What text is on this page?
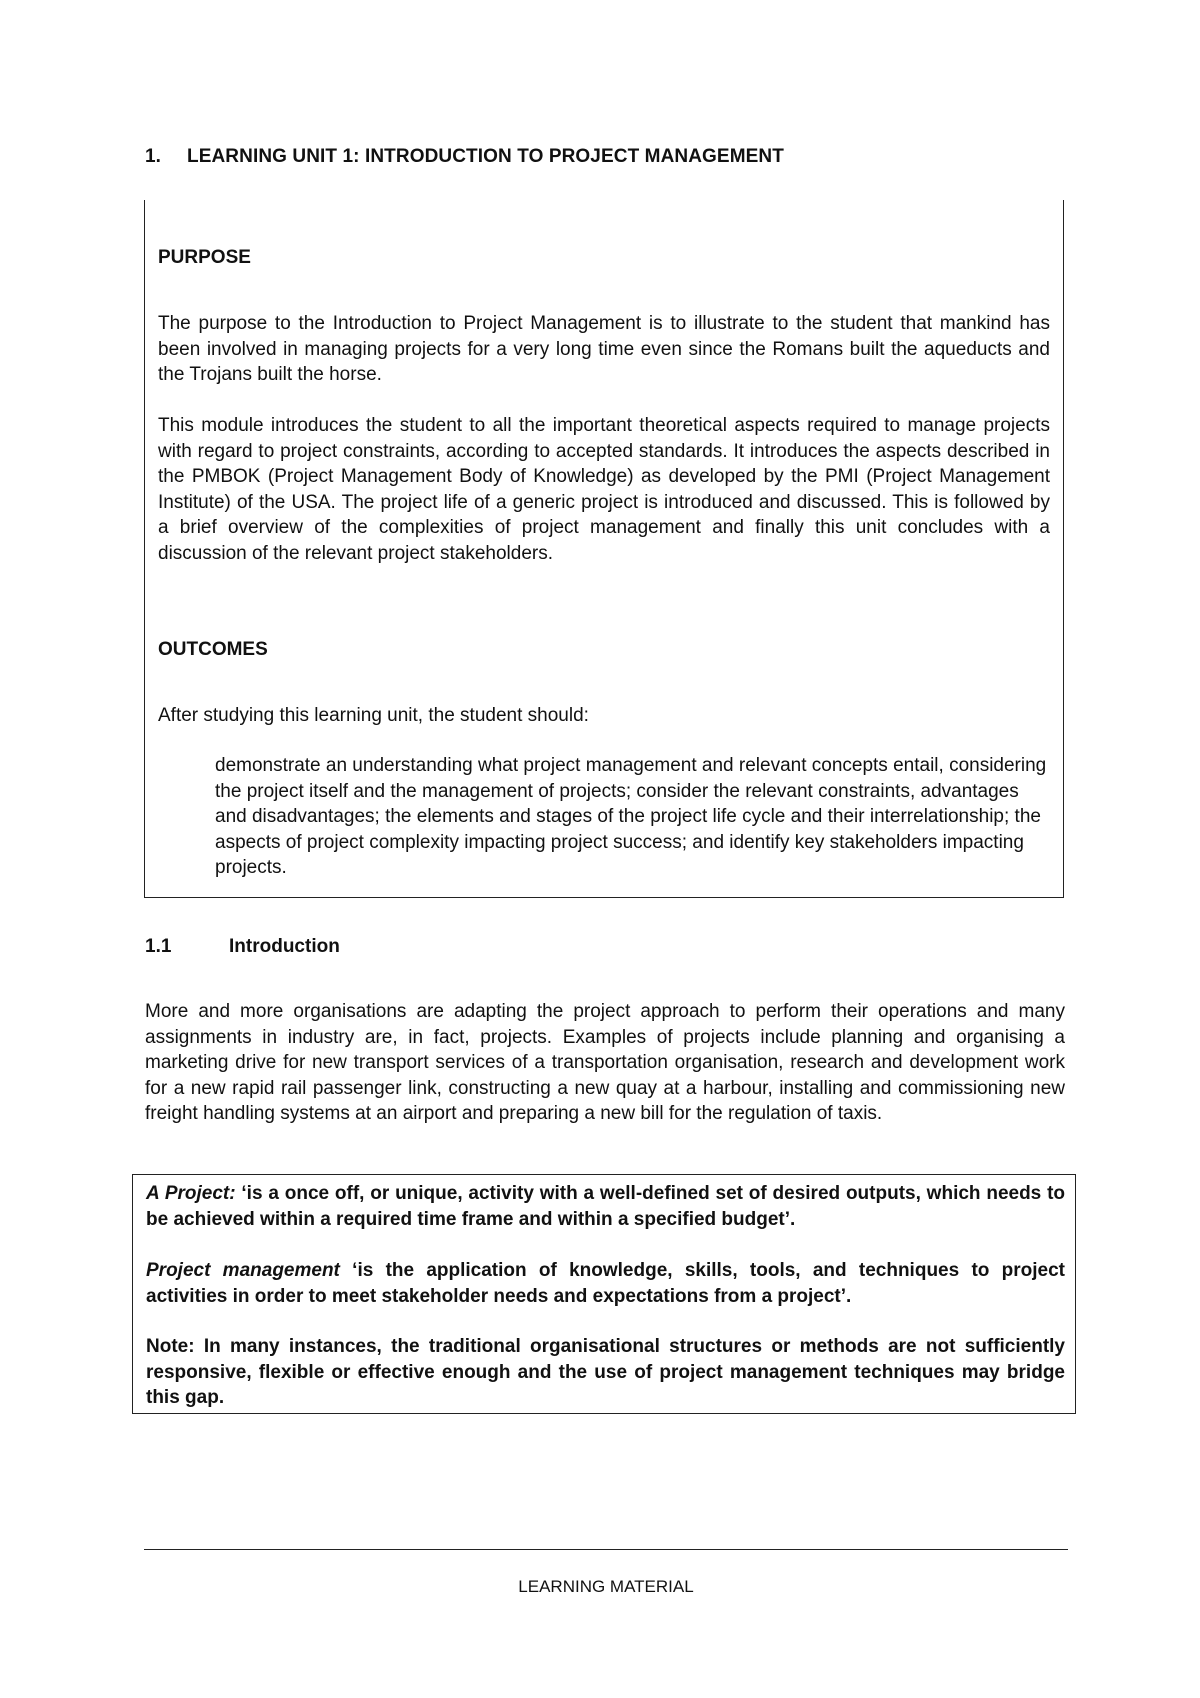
1. LEARNING UNIT 1: INTRODUCTION TO PROJECT MANAGEMENT
PURPOSE
The purpose to the Introduction to Project Management is to illustrate to the student that mankind has been involved in managing projects for a very long time even since the Romans built the aqueducts and the Trojans built the horse.
This module introduces the student to all the important theoretical aspects required to manage projects with regard to project constraints, according to accepted standards. It introduces the aspects described in the PMBOK (Project Management Body of Knowledge) as developed by the PMI (Project Management Institute) of the USA. The project life of a generic project is introduced and discussed. This is followed by a brief overview of the complexities of project management and finally this unit concludes with a discussion of the relevant project stakeholders.
OUTCOMES
After studying this learning unit, the student should:
demonstrate an understanding what project management and relevant concepts entail, considering the project itself and the management of projects; consider the relevant constraints, advantages and disadvantages; the elements and stages of the project life cycle and their interrelationship; the aspects of project complexity impacting project success; and identify key stakeholders impacting projects.
1.1	Introduction
More and more organisations are adapting the project approach to perform their operations and many assignments in industry are, in fact, projects. Examples of projects include planning and organising a marketing drive for new transport services of a transportation organisation, research and development work for a new rapid rail passenger link, constructing a new quay at a harbour, installing and commissioning new freight handling systems at an airport and preparing a new bill for the regulation of taxis.
A Project: ‘is a once off, or unique, activity with a well-defined set of desired outputs, which needs to be achieved within a required time frame and within a specified budget’.
Project management ‘is the application of knowledge, skills, tools, and techniques to project activities in order to meet stakeholder needs and expectations from a project’.
Note: In many instances, the traditional organisational structures or methods are not sufficiently responsive, flexible or effective enough and the use of project management techniques may bridge this gap.
LEARNING MATERIAL
